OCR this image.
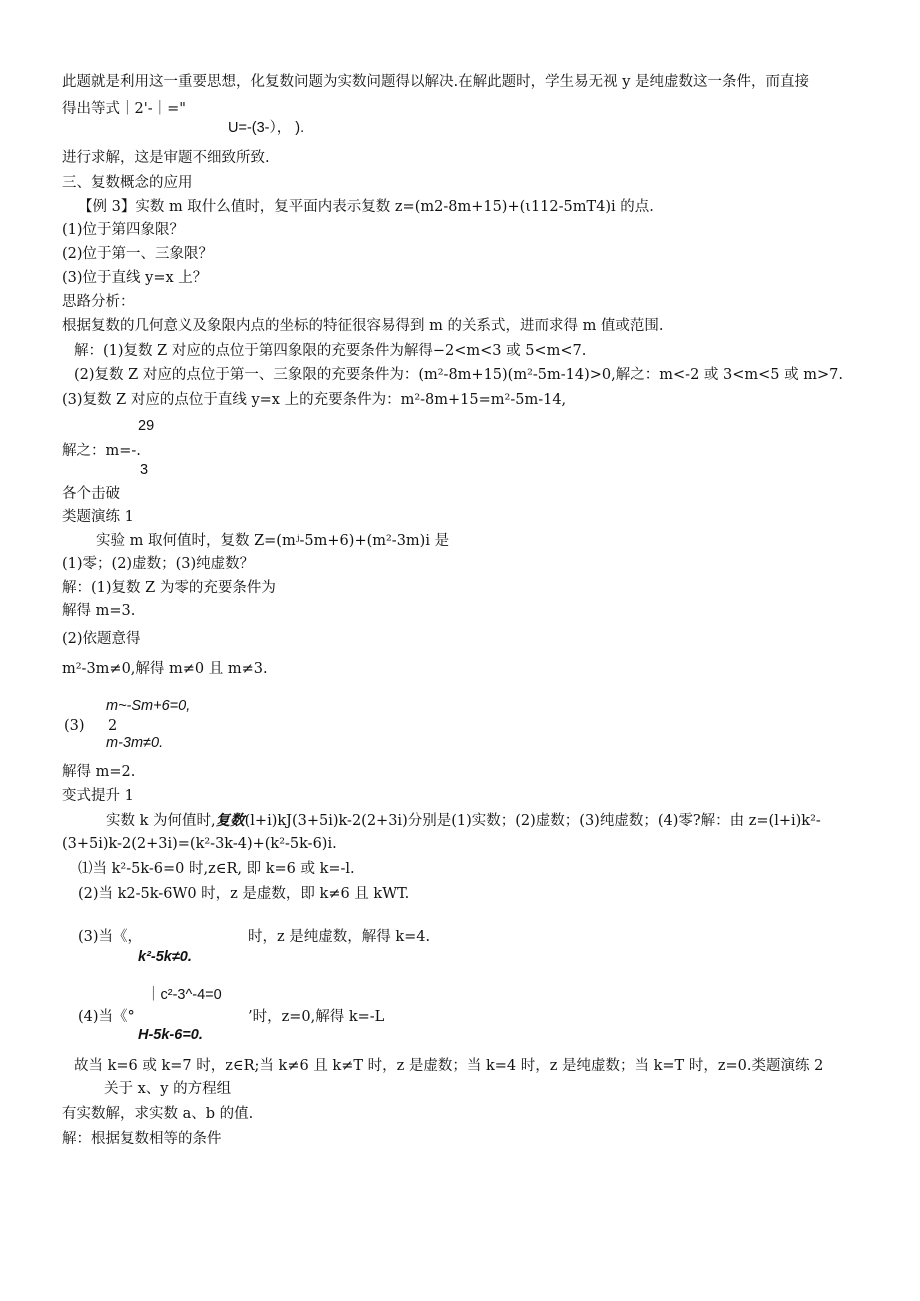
此题就是利用这一重要思想，化复数问题为实数问题得以解决.在解此题时，学生易无视 y 是纯虚数这一条件，而直接
得出等式｜2'-｜="
U=-(3-）， ).
进行求解，这是审题不细致所致.
三、复数概念的应用
【例 3】实数 m 取什么值时，复平面内表示复数 z=(m2-8m+15)+(ι112-5mT4)i 的点.
(1)位于第四象限？
(2)位于第一、三象限？
(3)位于直线 y=x 上？
思路分析：
根据复数的几何意义及象限内点的坐标的特征很容易得到 m 的关系式，进而求得 m 值或范围.
解：(1)复数 Z 对应的点位于第四象限的充要条件为解得−2<m<3 或 5<m<7.
(2)复数 Z 对应的点位于第一、三象限的充要条件为：(m²-8m+15)(m²-5m-14)>0,解之：m<-2 或 3<m<5 或 m>7.
(3)复数 Z 对应的点位于直线 y=x 上的充要条件为：m²-8m+15=m²-5m-14,
29
解之：m=-.
3
各个击破
类题演练 1
实验 m 取何值时，复数 Z=(mʲ-5m+6)+(m²-3m)i 是
(1)零；(2)虚数；(3)纯虚数？
解：(1)复数 Z 为零的充要条件为
解得 m=3.
(2)依题意得
m²-3m≠0,解得 m≠0 且 m≠3.
m~-Sm+6=0,
(3) 2
m-3m≠0.
解得 m=2.
变式提升 1
实数 k 为何值时,复数(l+i)kJ(3+5i)k-2(2+3i)分别是(1)实数；(2)虚数；(3)纯虚数；(4)零?解：由 z=(l+i)k²-
(3+5i)k-2(2+3i)=(k²-3k-4)+(k²-5k-6)i.
⑴当 k²-5k-6=0 时,z∈R, 即 k=6 或 k=-l.
(2)当 k2-5k-6W0 时，z 是虚数，即 k≠6 且 kWT.
(3)当《，	时，z 是纯虚数，解得 k=4.
k²-5k≠0.
｜c²-3^-4=0
(4)当《°	’时，z=0,解得 k=-L
H-5k-6=0.
故当 k=6 或 k=7 时，z∈R;当 k≠6 且 k≠T 时，z 是虚数；当 k=4 时，z 是纯虚数；当 k=T 时，z=0.类题演练 2
关于 x、y 的方程组
有实数解，求实数 a、b 的值.
解：根据复数相等的条件
